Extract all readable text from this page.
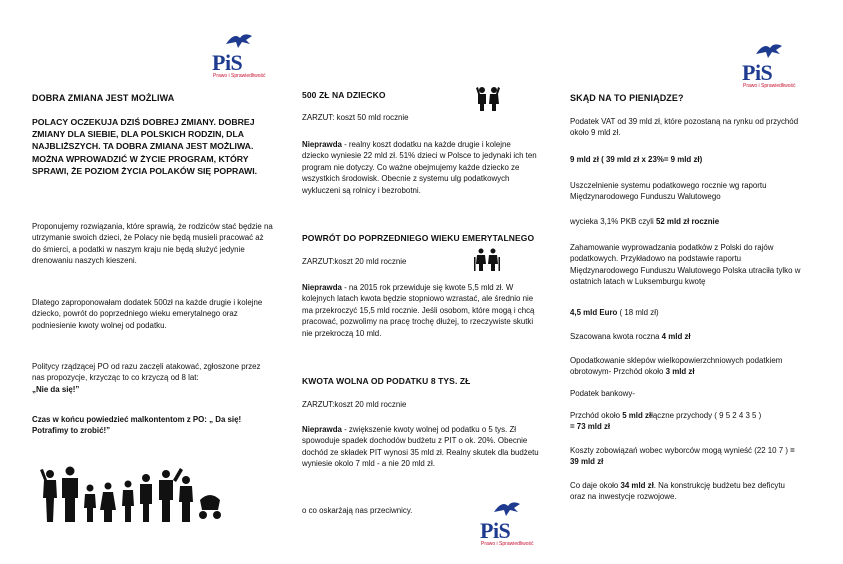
PiS
Prawo i Sprawiedliwość
DOBRA ZMIANA JEST MOŻLIWA
POLACY OCZEKUJA DZIŚ DOBREJ ZMIANY. DOBREJ ZMIANY DLA SIEBIE, DLA POLSKICH RODZIN, DLA NAJBLIŻSZYCH. TA DOBRA ZMIANA JEST MOŻLIWA. MOŻNA WPROWADZIĆ W ŻYCIE PROGRAM, KTÓRY SPRAWI, ŻE POZIOM ŻYCIA POLAKÓW SIĘ POPRAWI.
Proponujemy rozwiązania, które sprawią, że rodziców stać będzie na utrzymanie swoich dzieci, że Polacy nie będą musieli pracować aż do śmierci, a podatki w naszym kraju nie będą służyć jedynie drenowaniu naszych kieszeni.
Dlatego zaproponowałam dodatek 500zł na każde drugie i kolejne dziecko, powrót do poprzedniego wieku emerytalnego oraz podniesienie kwoty wolnej od podatku.
Politycy rządzącej PO od razu zaczęli atakować, zgłoszone przez nas propozycje, krzycząc to co krzyczą od 8 lat:
„Nie da się!”
Czas w końcu powiedzieć malkontentom z PO: „ Da się! Potrafimy to zrobić!”
500 ZŁ NA DZIECKO
ZARZUT: koszt 50 mld rocznie
Nieprawda - realny koszt dodatku na każde drugie i kolejne dziecko wyniesie 22 mld zł. 51% dzieci w Polsce to jedynaki ich ten program nie dotyczy. Co ważne obejmujemy każde dziecko ze wszystkich środowisk. Obecnie z systemu ulg podatkowych wykluczeni są rolnicy i bezrobotni.
POWRÓT DO POPRZEDNIEGO WIEKU EMERYTALNEGO
ZARZUT:koszt 20 mld rocznie
Nieprawda - na 2015 rok przewiduje się kwote 5,5 mld zł. W kolejnych latach kwota będzie stopniowo wzrastać, ale średnio nie ma przekroczyć 15,5 mld rocznie. Jeśli osobom, które mogą i chcą pracować, pozwolimy na pracę trochę dłużej, to rzeczywiste skutki nie przekroczą 10 mld.
KWOTA WOLNA OD PODATKU 8 TYS. ZŁ
ZARZUT:koszt 20 mld rocznie
Nieprawda - zwiększenie kwoty wolnej od podatku o 5 tys. Zł spowoduje spadek dochodów budżetu z PIT o ok. 20%. Obecnie dochód ze składek PIT wynosi 35 mld zł. Realny skutek dla budżetu wyniesie okolo 7 mld - a nie 20 mld zł.
o co oskarżają nas przeciwnicy.
PiS
Prawo i Sprawiedliwość
PiS
Prawo i Sprawiedliwość
SKĄD NA TO PIENIĄDZE?
Podatek VAT od 39 mld zł, które pozostaną na rynku od przychód około 9 mld zł.
9 mld zł ( 39 mld zł x 23%= 9 mld zł)
Uszczelnienie systemu podatkowego rocznie wg raportu Międzynarodowego Funduszu Walutowego
wycieka 3,1% PKB czyli 52 mld zł rocznie
Zahamowanie wyprowadzania podatków z Polski do rajów podatkowych. Przykładowo na podstawie raportu Międzynarodowego Funduszu Walutowego Polska utraciła tylko w ostatnich latach w Luksemburgu kwotę
4,5 mld Euro ( 18 mld zł)
Szacowana kwota roczna 4 mld zł
Opodatkowanie sklepów wielkopowierzchniowych podatkiem obrotowym- Przchód około 3 mld zł
Podatek bankowy-
Przchód około 5 mld złłączne przychody ( 9 5 2 4 3 5 )
= 73 mld zł
Koszty zobowiązań wobec wyborców mogą wynieść (22 10 7 ) = 39 mld zł
Co daje około 34 mld zł. Na konstrukcję budżetu bez deficytu oraz na inwestycje rozwojowe.
